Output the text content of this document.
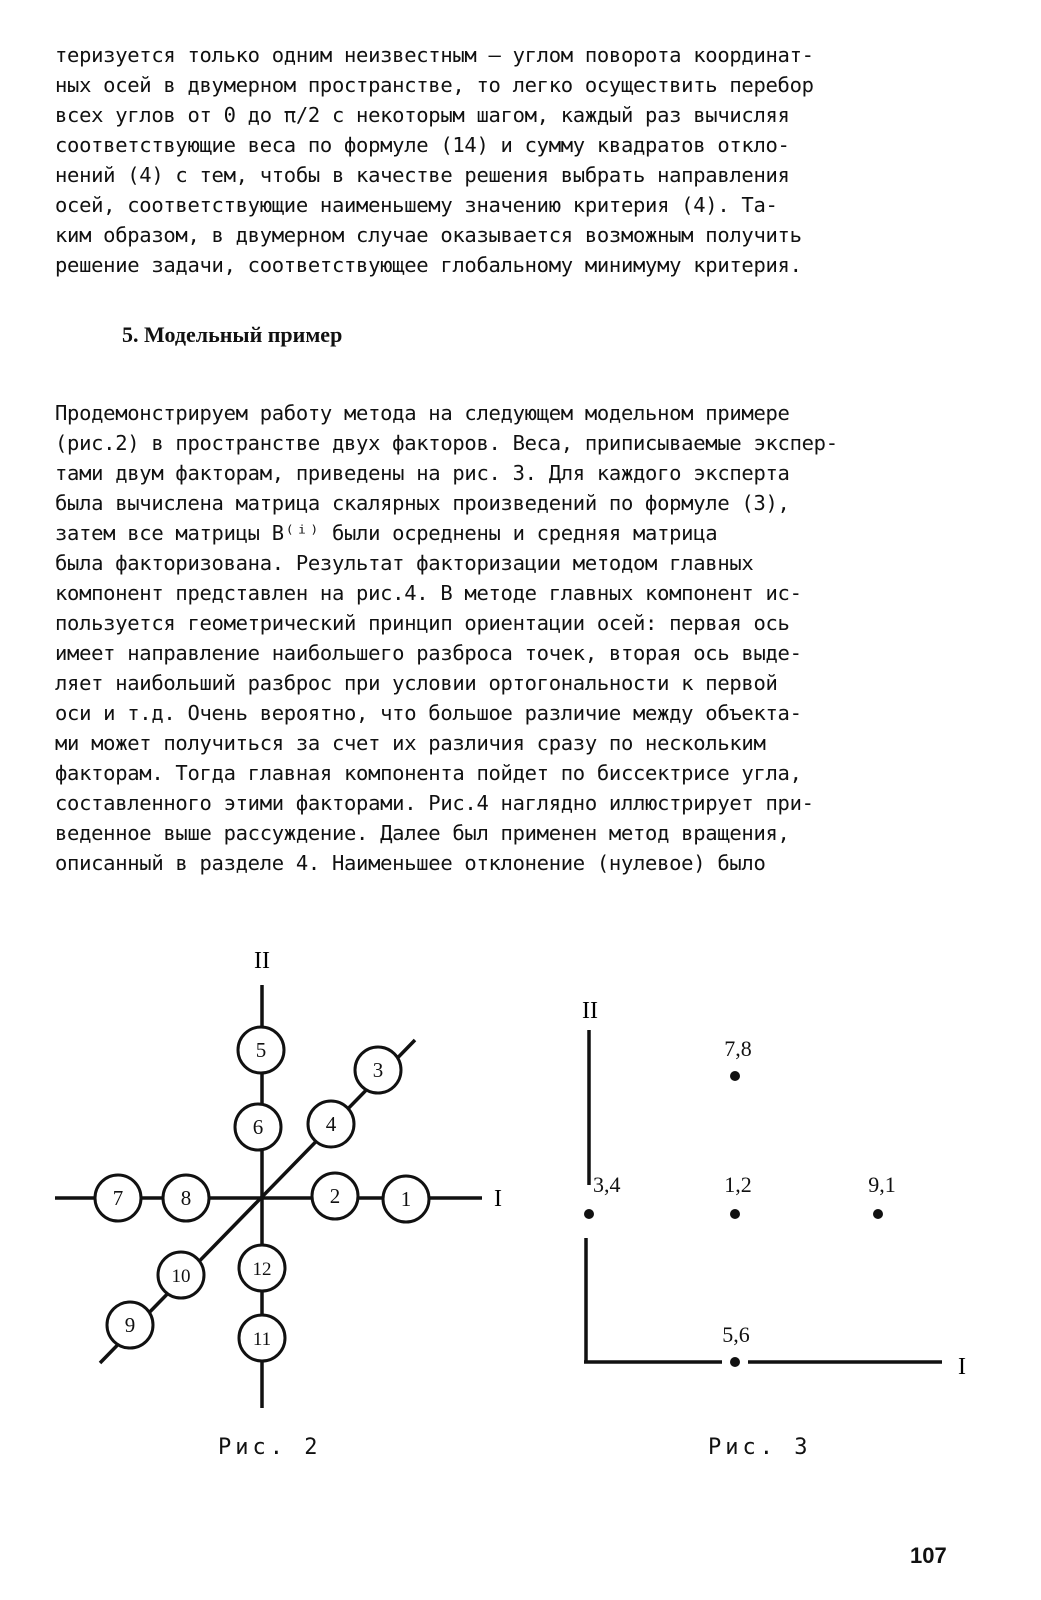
теризуется только одним неизвестным – углом поворота координат-
ных осей в двумерном пространстве, то легко осуществить перебор
всех углов от 0 до π/2 с некоторым шагом, каждый раз вычисляя
соответствующие веса по формуле (14) и сумму квадратов откло-
нений (4) с тем, чтобы в качестве решения выбрать направления
осей, соответствующие наименьшему значению критерия (4). Та-
ким образом, в двумерном случае оказывается возможным получить
решение задачи, соответствующее глобальному минимуму критерия.
5. Модельный пример
Продемонстрируем работу метода на следующем модельном примере
(рис.2) в пространстве двух факторов. Веса, приписываемые экспер-
тами двум факторам, приведены на рис. 3. Для каждого эксперта
была вычислена матрица скалярных произведений по формуле (3),
затем все матрицы B⁽ⁱ⁾ были осреднены и средняя матрица
была факторизована. Результат факторизации методом главных
компонент представлен на рис.4. В методе главных компонент ис-
пользуется геометрический принцип ориентации осей: первая ось
имеет направление наибольшего разброса точек, вторая ось выде-
ляет наибольший разброс при условии ортогональности к первой
оси и т.д. Очень вероятно, что большое различие между объекта-
ми может получиться за счет их различия сразу по нескольким
факторам. Тогда главная компонента пойдет по биссектрисе угла,
составленного этими факторами. Рис.4 наглядно иллюстрирует при-
веденное выше рассуждение. Далее был применен метод вращения,
описанный в разделе 4. Наименьшее отклонение (нулевое) было
II
I
1
2
3
4
5
6
7	8
9
10
11
12
II
I
7,8
3,4	1,2	9,1
5,6
Рис. 2	Рис. 3
107
